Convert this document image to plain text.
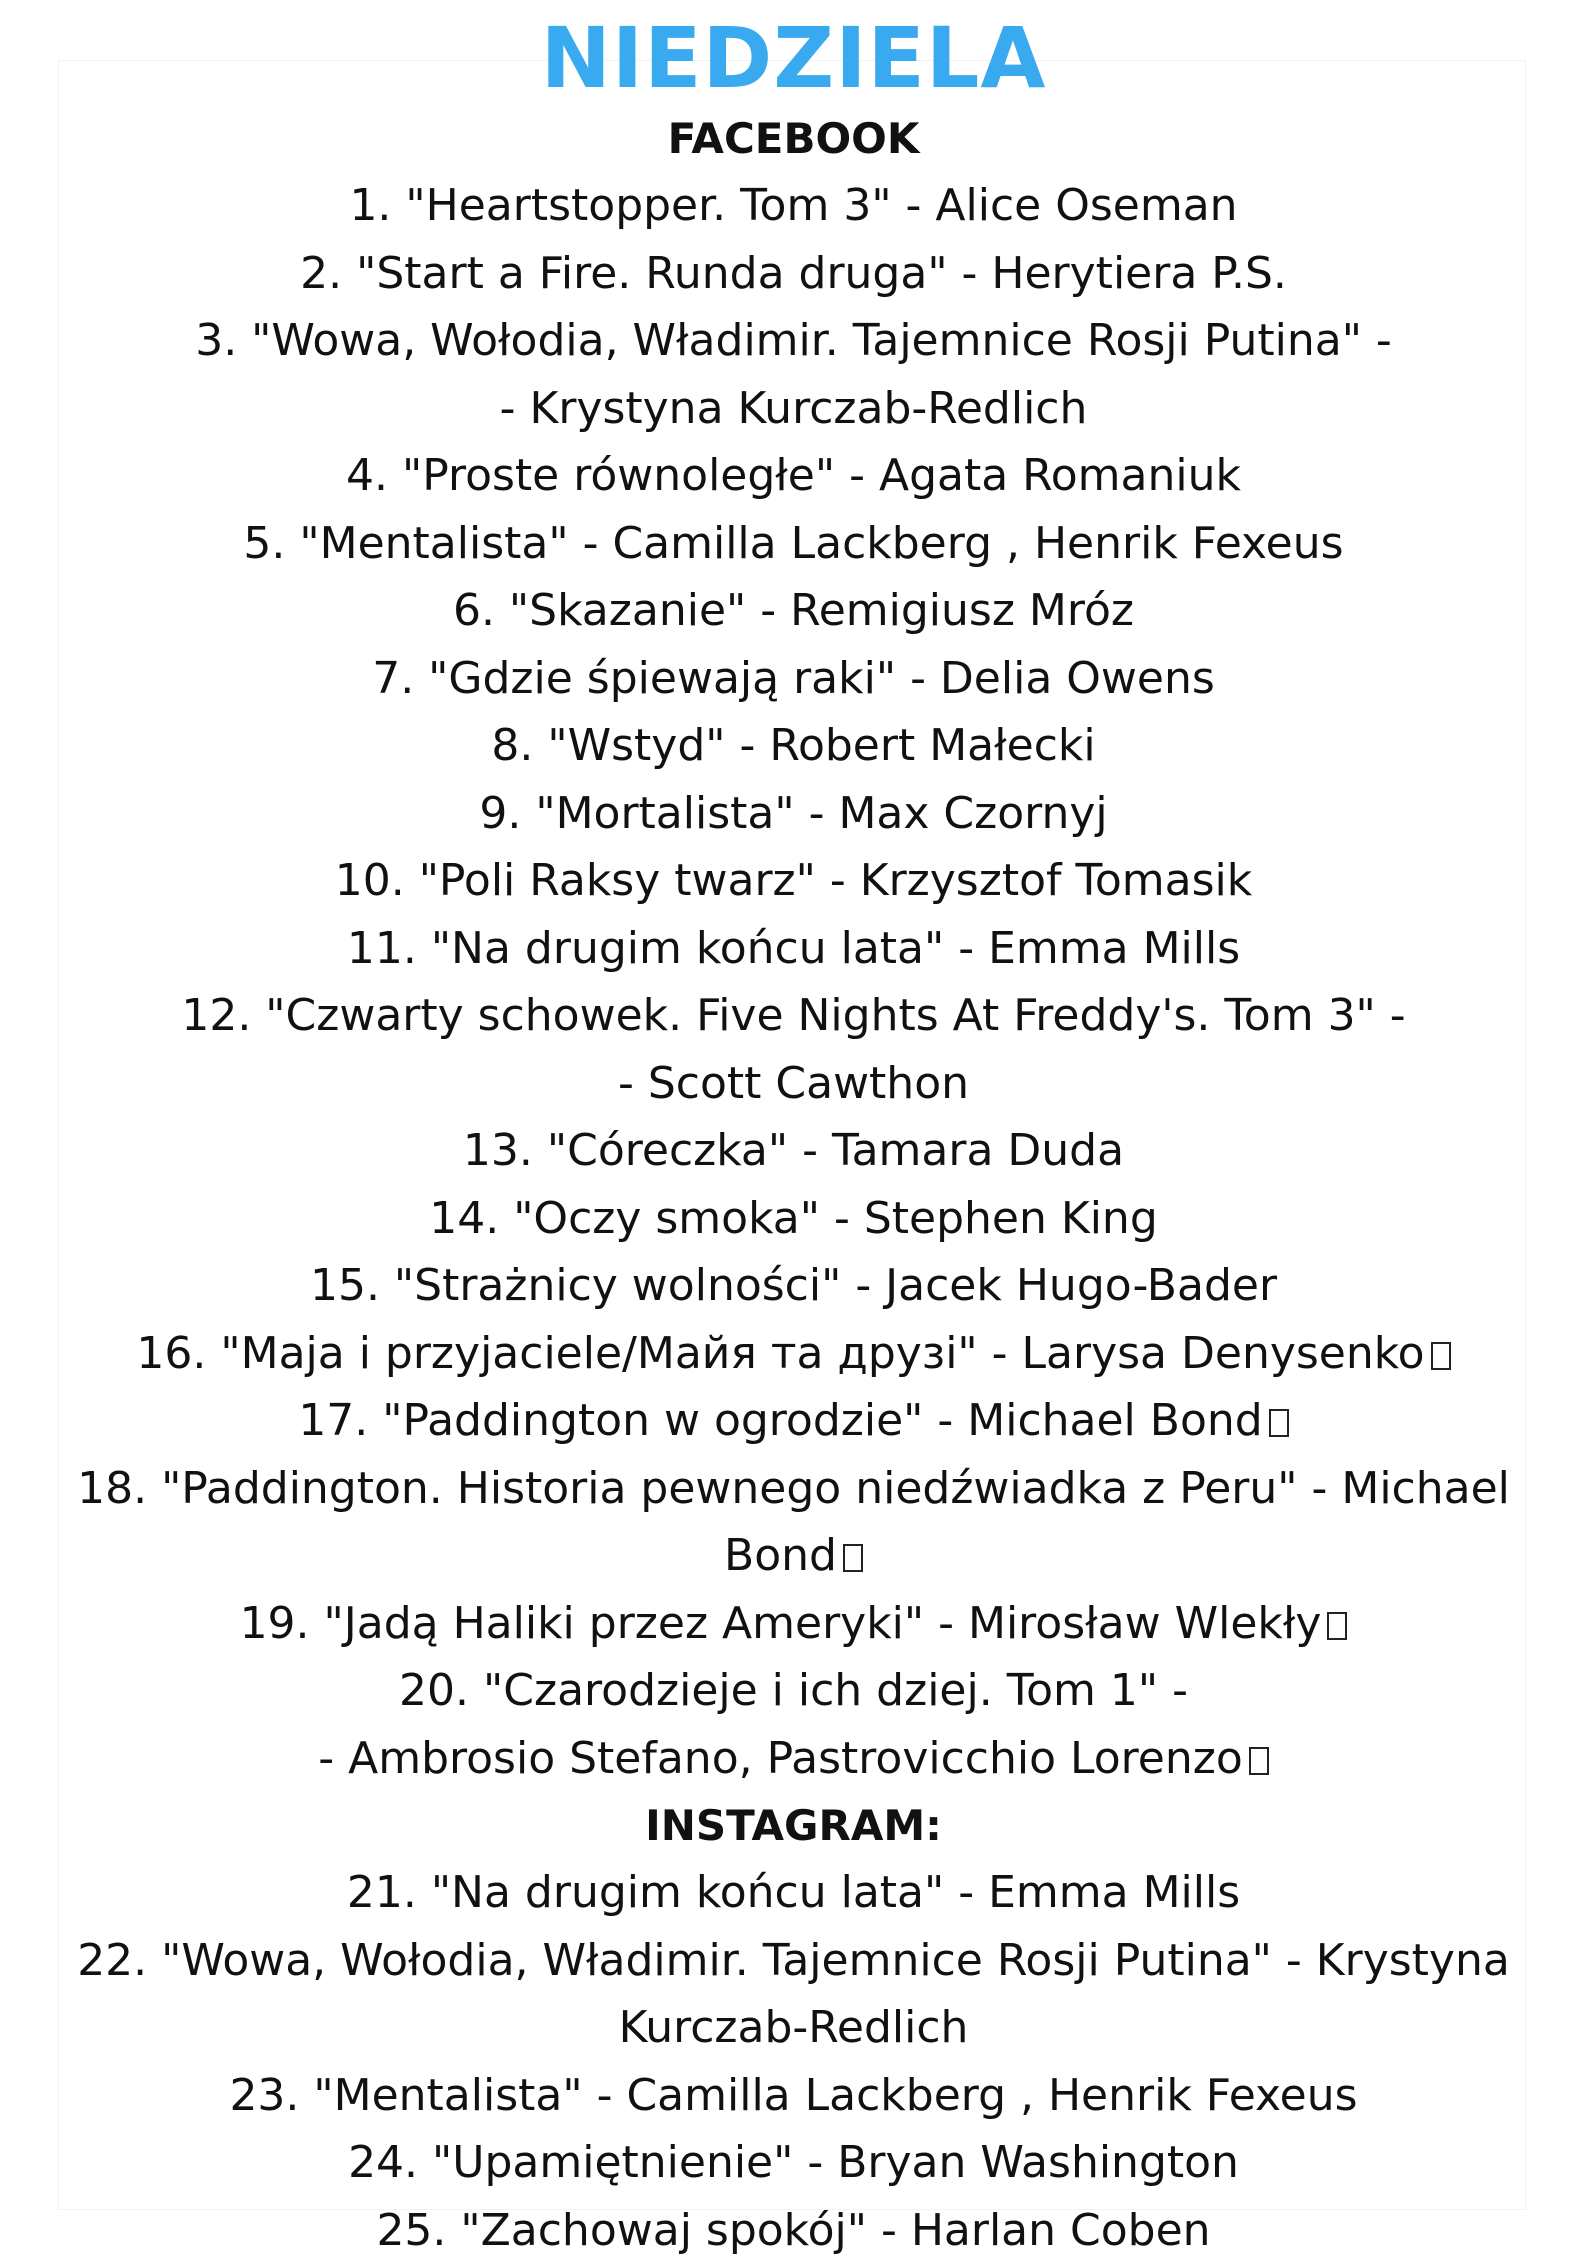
NIEDZIELA
FACEBOOK
1. "Heartstopper. Tom 3" - Alice Oseman
2. "Start a Fire. Runda druga" - Herytiera P.S.
3. "Wowa, Wołodia, Władimir. Tajemnice Rosji Putina" -
- Krystyna Kurczab-Redlich
4. "Proste równoległe" - Agata Romaniuk
5. "Mentalista" - Camilla Lackberg , Henrik Fexeus
6. "Skazanie" - Remigiusz Mróz
7. "Gdzie śpiewają raki" - Delia Owens
8. "Wstyd" - Robert Małecki
9. "Mortalista" - Max Czornyj
10. "Poli Raksy twarz" - Krzysztof Tomasik
11. "Na drugim końcu lata" - Emma Mills
12. "Czwarty schowek. Five Nights At Freddy's. Tom 3" -
- Scott Cawthon
13. "Córeczka" - Tamara Duda
14. "Oczy smoka" - Stephen King
15. "Strażnicy wolności" - Jacek Hugo-Bader
16. "Maja i przyjaciele/Майя та друзі" - Larysa Denysenko
17. "Paddington w ogrodzie" - Michael Bond
18. "Paddington. Historia pewnego niedźwiadka z Peru" - Michael
Bond
19. "Jadą Haliki przez Ameryki" - Mirosław Wlekły
20. "Czarodzieje i ich dziej. Tom 1" -
- Ambrosio Stefano, Pastrovicchio Lorenzo
INSTAGRAM:
21. "Na drugim końcu lata" - Emma Mills
22. "Wowa, Wołodia, Władimir. Tajemnice Rosji Putina" - Krystyna
Kurczab-Redlich
23. "Mentalista" - Camilla Lackberg , Henrik Fexeus
24. "Upamiętnienie" - Bryan Washington
25. "Zachowaj spokój" - Harlan Coben
